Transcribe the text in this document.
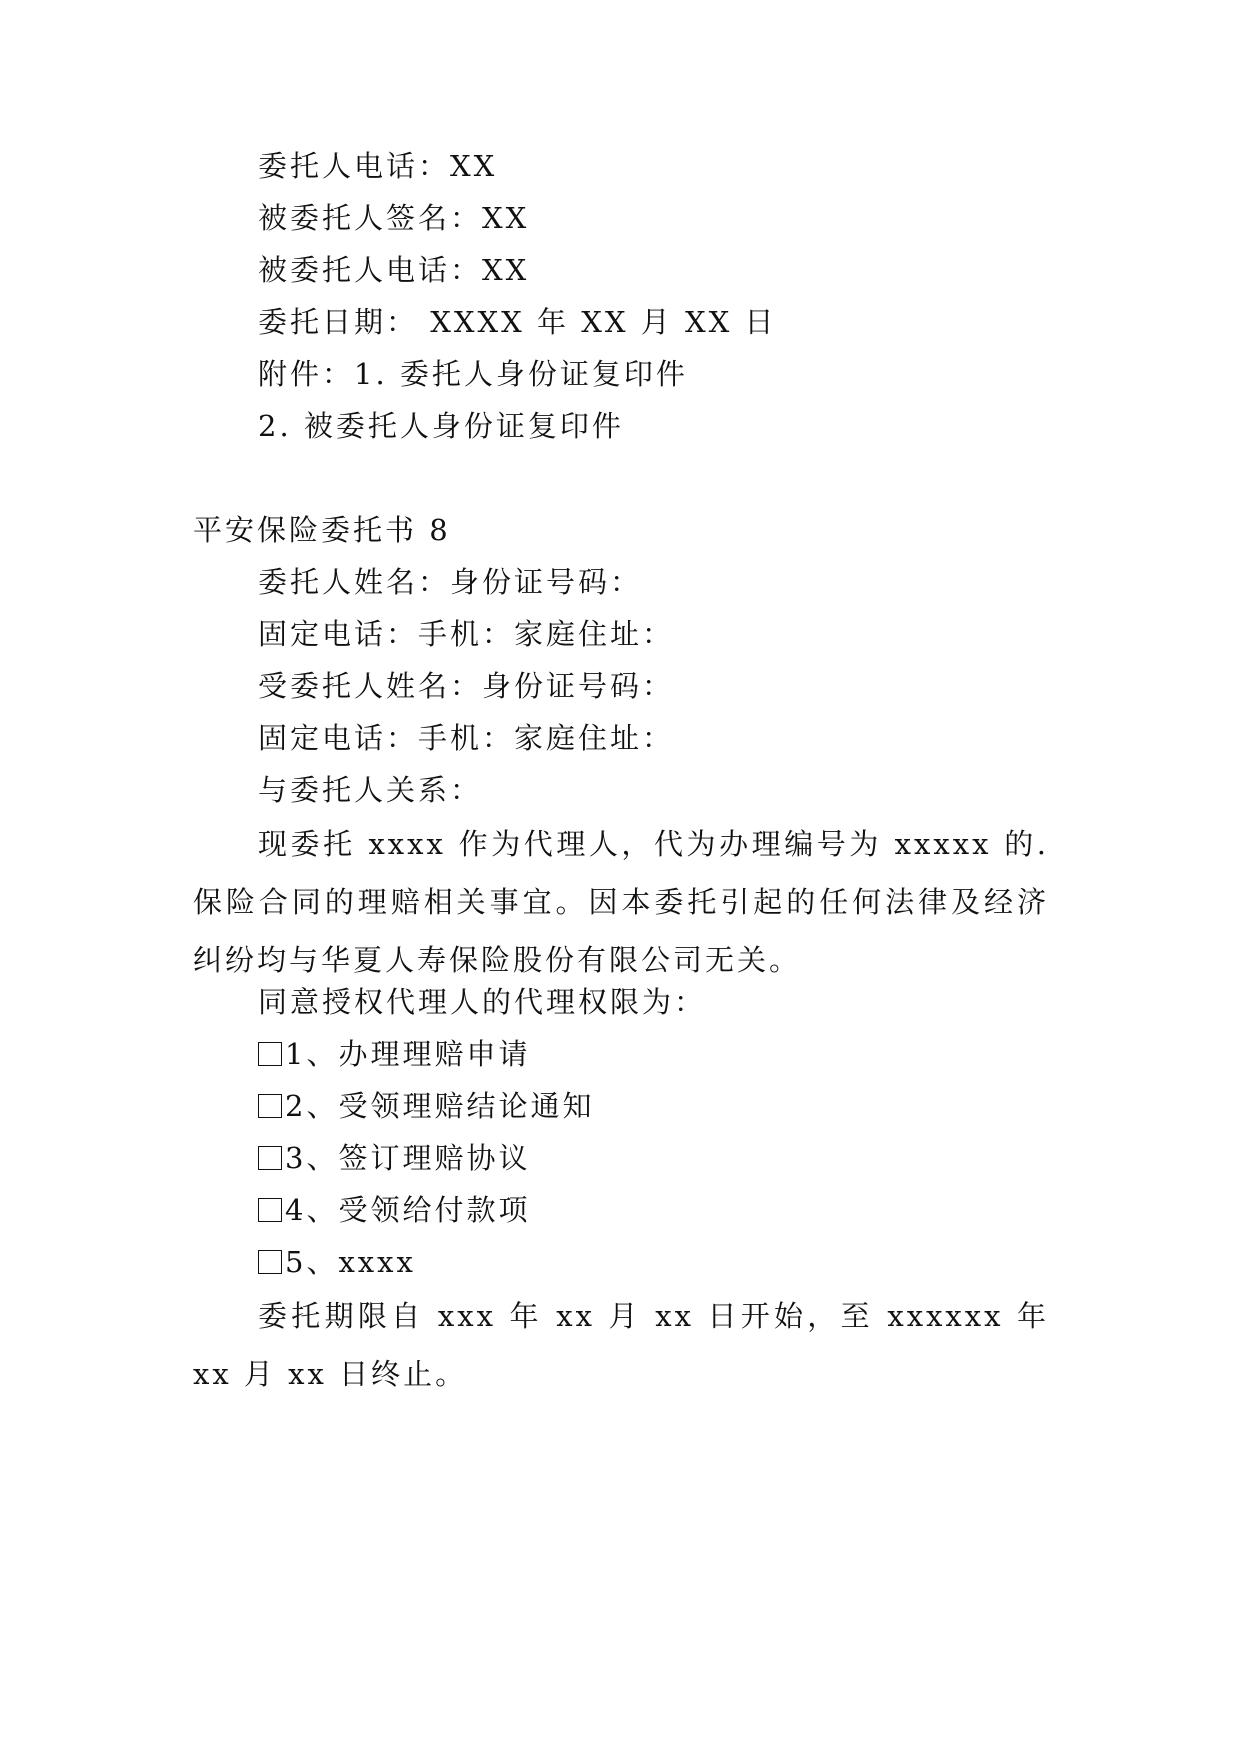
委托人电话：XX
被委托人签名：XX
被委托人电话：XX
委托日期： XXXX 年 XX 月 XX 日
附件：1. 委托人身份证复印件
2. 被委托人身份证复印件
平安保险委托书 8
委托人姓名：身份证号码：
固定电话：手机：家庭住址：
受委托人姓名：身份证号码：
固定电话：手机：家庭住址：
与委托人关系：
现委托 xxxx 作为代理人，代为办理编号为 xxxxx 的.保险合同的理赔相关事宜。因本委托引起的任何法律及经济纠纷均与华夏人寿保险股份有限公司无关。
同意授权代理人的代理权限为：
1、办理理赔申请
2、受领理赔结论通知
3、签订理赔协议
4、受领给付款项
5、xxxx
委托期限自 xxx 年 xx 月 xx 日开始，至 xxxxxx 年 xx 月 xx 日终止。
